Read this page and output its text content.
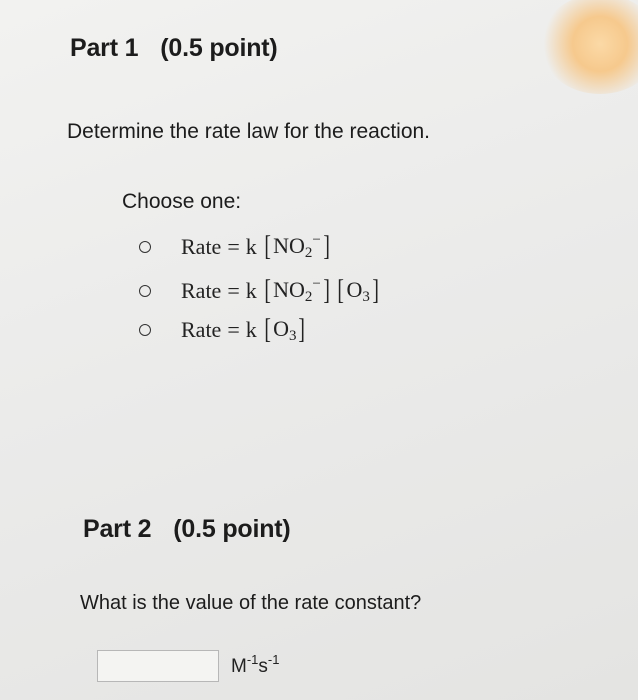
Part 1 (0.5 point)
Determine the rate law for the reaction.
Choose one:
Rate = k [ $NO_2^-$ ]
Rate = k [ $NO_2^-$ ] [ $O_3$ ]
Rate = k [ $O_3$ ]
Part 2 (0.5 point)
What is the value of the rate constant?
$M^{-1}s^{-1}$
